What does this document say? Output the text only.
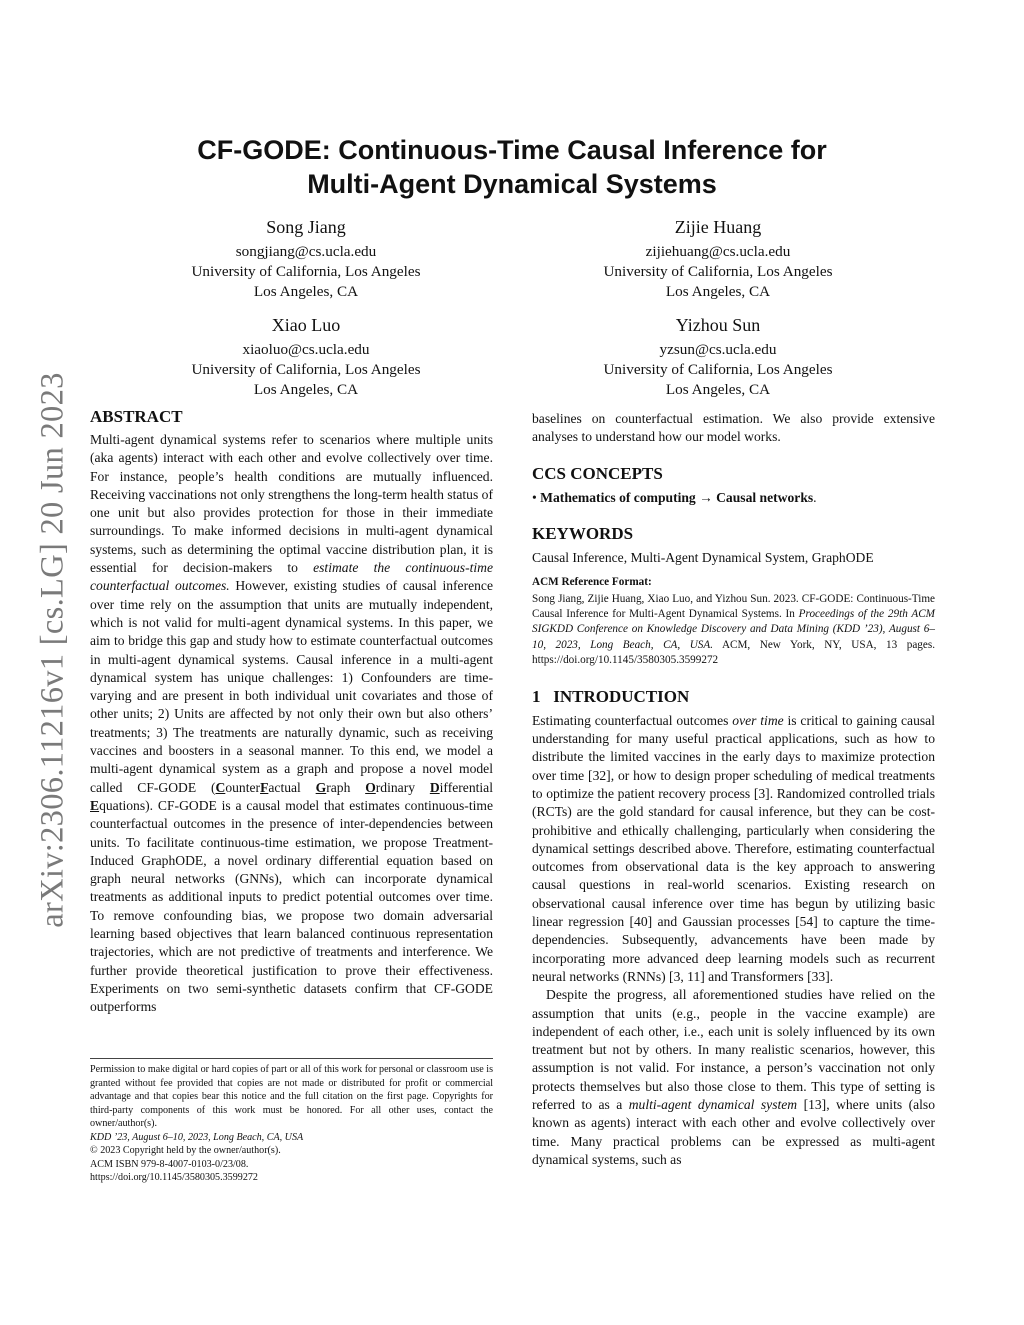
arXiv:2306.11216v1 [cs.LG] 20 Jun 2023
CF-GODE: Continuous-Time Causal Inference for
Multi-Agent Dynamical Systems
Song Jiang
songjiang@cs.ucla.edu
University of California, Los Angeles
Los Angeles, CA
Zijie Huang
zijiehuang@cs.ucla.edu
University of California, Los Angeles
Los Angeles, CA
Xiao Luo
xiaoluo@cs.ucla.edu
University of California, Los Angeles
Los Angeles, CA
Yizhou Sun
yzsun@cs.ucla.edu
University of California, Los Angeles
Los Angeles, CA
ABSTRACT

Multi-agent dynamical systems refer to scenarios where multiple units (aka agents) interact with each other and evolve collectively over time. For instance, people’s health conditions are mutually influenced. Receiving vaccinations not only strengthens the long-term health status of one unit but also provides protection for those in their immediate surroundings. To make informed decisions in multi-agent dynamical systems, such as determining the optimal vaccine distribution plan, it is essential for decision-makers to estimate the continuous-time counterfactual outcomes. However, existing studies of causal inference over time rely on the assumption that units are mutually independent, which is not valid for multi-agent dynamical systems. In this paper, we aim to bridge this gap and study how to estimate counterfactual outcomes in multi-agent dynamical systems. Causal inference in a multi-agent dynamical system has unique challenges: 1) Confounders are time-varying and are present in both individual unit covariates and those of other units; 2) Units are affected by not only their own but also others’ treatments; 3) The treatments are naturally dynamic, such as receiving vaccines and boosters in a seasonal manner. To this end, we model a multi-agent dynamical system as a graph and propose a novel model called CF-GODE (CounterFactual Graph Ordinary Differential Equations). CF-GODE is a causal model that estimates continuous-time counterfactual outcomes in the presence of inter-dependencies between units. To facilitate continuous-time estimation, we propose Treatment-Induced GraphODE, a novel ordinary differential equation based on graph neural networks (GNNs), which can incorporate dynamical treatments as additional inputs to predict potential outcomes over time. To remove confounding bias, we propose two domain adversarial learning based objectives that learn balanced continuous representation trajectories, which are not predictive of treatments and interference. We further provide theoretical justification to prove their effectiveness. Experiments on two semi-synthetic datasets confirm that CF-GODE outperforms

Permission to make digital or hard copies of part or all of this work for personal or classroom use is granted without fee provided that copies are not made or distributed for profit or commercial advantage and that copies bear this notice and the full citation on the first page. Copyrights for third-party components of this work must be honored. For all other uses, contact the owner/author(s).

KDD ’23, August 6–10, 2023, Long Beach, CA, USA

© 2023 Copyright held by the owner/author(s).

ACM ISBN 979-8-4007-0103-0/23/08.

https://doi.org/10.1145/3580305.3599272

baselines on counterfactual estimation. We also provide extensive analyses to understand how our model works.

CCS CONCEPTS

• Mathematics of computing → Causal networks.

KEYWORDS

Causal Inference, Multi-Agent Dynamical System, GraphODE

ACM Reference Format:

Song Jiang, Zijie Huang, Xiao Luo, and Yizhou Sun. 2023. CF-GODE: Continuous-Time Causal Inference for Multi-Agent Dynamical Systems. In Proceedings of the 29th ACM SIGKDD Conference on Knowledge Discovery and Data Mining (KDD ’23), August 6–10, 2023, Long Beach, CA, USA. ACM, New York, NY, USA, 13 pages. https://doi.org/10.1145/3580305.3599272

1   INTRODUCTION

Estimating counterfactual outcomes over time is critical to gaining causal understanding for many useful practical applications, such as how to distribute the limited vaccines in the early days to maximize protection over time [32], or how to design proper scheduling of medical treatments to optimize the patient recovery process [3]. Randomized controlled trials (RCTs) are the gold standard for causal inference, but they can be cost-prohibitive and ethically challenging, particularly when considering the dynamical settings described above. Therefore, estimating counterfactual outcomes from observational data is the key approach to answering causal questions in real-world scenarios. Existing research on observational causal inference over time has begun by utilizing basic linear regression [40] and Gaussian processes [54] to capture the time-dependencies. Subsequently, advancements have been made by incorporating more advanced deep learning models such as recurrent neural networks (RNNs) [3, 11] and Transformers [33].

Despite the progress, all aforementioned studies have relied on the assumption that units (e.g., people in the vaccine example) are independent of each other, i.e., each unit is solely influenced by its own treatment but not by others. In many realistic scenarios, however, this assumption is not valid. For instance, a person’s vaccination not only protects themselves but also those close to them. This type of setting is referred to as a multi-agent dynamical system [13], where units (also known as agents) interact with each other and evolve collectively over time. Many practical problems can be expressed as multi-agent dynamical systems, such as
